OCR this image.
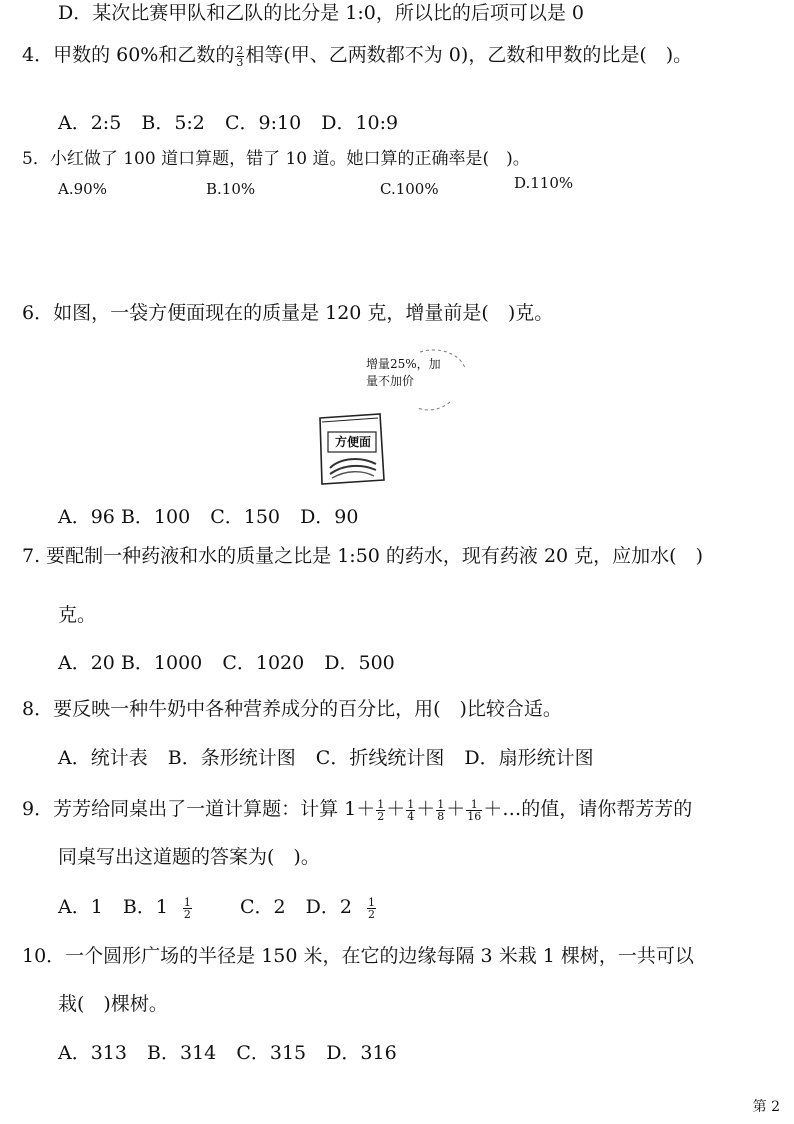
D．某次比赛甲队和乙队的比分是 1:0，所以比的后项可以是 0
4．甲数的 60%和乙数的 $\frac{2}{3}$ 相等(甲、乙两数都不为 0)，乙数和甲数的比是(　)。
A．2:5 B．5:2 C．9:10 D．10:9
5．小红做了 100 道口算题，错了 10 道。她口算的正确率是(　)。
A.90%	B.10%	C.100%	D.110%
6．如图，一袋方便面现在的质量是 120 克，增量前是(　)克。
增量25%，加
量不加价
方便面
A．96 B．100 C．150 D．90
7. 要配制一种药液和水的质量之比是 1:50 的药水，现有药液 20 克，应加水(　)
克。
A．20 B．1000 C．1020 D．500
8．要反映一种牛奶中各种营养成分的百分比，用(　)比较合适。
A．统计表 B．条形统计图 C．折线统计图 D．扇形统计图
9．芳芳给同桌出了一道计算题：计算 $1+ \frac{1}{2} + \frac{1}{4} + \frac{1}{8} + \frac{1}{16}$ ＋…的值，请你帮芳芳的
同桌写出这道题的答案为(　)。
A．1 B．$1 \frac{1}{2}$ C．2 D．$2 \frac{1}{2}$
10．一个圆形广场的半径是 150 米，在它的边缘每隔 3 米栽 1 棵树，一共可以
栽(　)棵树。
A．313 B．314 C．315 D．316
第 2
